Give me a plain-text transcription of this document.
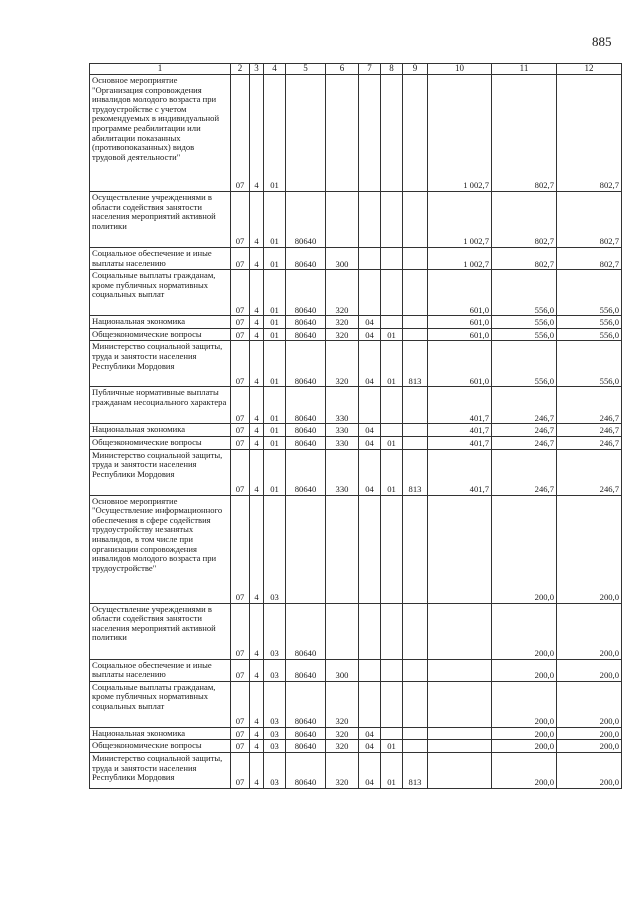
885
1	2	3	4	5	6	7	8	9	10	11	12
Основное мероприятие "Организация сопровождения инвалидов молодого возраста при трудоустройстве с учетом рекомендуемых в индивидуальной программе реабилитации или абилитации показанных (противопоказанных) видов трудовой деятельности"	07	4	01						1 002,7	802,7	802,7
Осуществление учреждениями в области содействия занятости населения мероприятий активной политики	07	4	01	80640					1 002,7	802,7	802,7
Социальное обеспечение и иные выплаты населению	07	4	01	80640	300				1 002,7	802,7	802,7
Социальные выплаты гражданам, кроме публичных нормативных социальных выплат	07	4	01	80640	320				601,0	556,0	556,0
Национальная экономика	07	4	01	80640	320	04			601,0	556,0	556,0
Общеэкономические вопросы	07	4	01	80640	320	04	01		601,0	556,0	556,0
Министерство социальной защиты, труда и занятости населения Республики Мордовия	07	4	01	80640	320	04	01	813	601,0	556,0	556,0
Публичные нормативные выплаты гражданам несоциального характера	07	4	01	80640	330				401,7	246,7	246,7
Национальная экономика	07	4	01	80640	330	04			401,7	246,7	246,7
Общеэкономические вопросы	07	4	01	80640	330	04	01		401,7	246,7	246,7
Министерство социальной защиты, труда и занятости населения Республики Мордовия	07	4	01	80640	330	04	01	813	401,7	246,7	246,7
Основное мероприятие "Осуществление информационного обеспечения в сфере содействия трудоустройству незанятых инвалидов, в том числе при организации сопровождения инвалидов молодого возраста при трудоустройстве"	07	4	03							200,0	200,0
Осуществление учреждениями в области содействия занятости населения мероприятий активной политики	07	4	03	80640						200,0	200,0
Социальное обеспечение и иные выплаты населению	07	4	03	80640	300					200,0	200,0
Социальные выплаты гражданам, кроме публичных нормативных социальных выплат	07	4	03	80640	320					200,0	200,0
Национальная экономика	07	4	03	80640	320	04				200,0	200,0
Общеэкономические вопросы	07	4	03	80640	320	04	01			200,0	200,0
Министерство социальной защиты, труда и занятости населения Республики Мордовия	07	4	03	80640	320	04	01	813		200,0	200,0
